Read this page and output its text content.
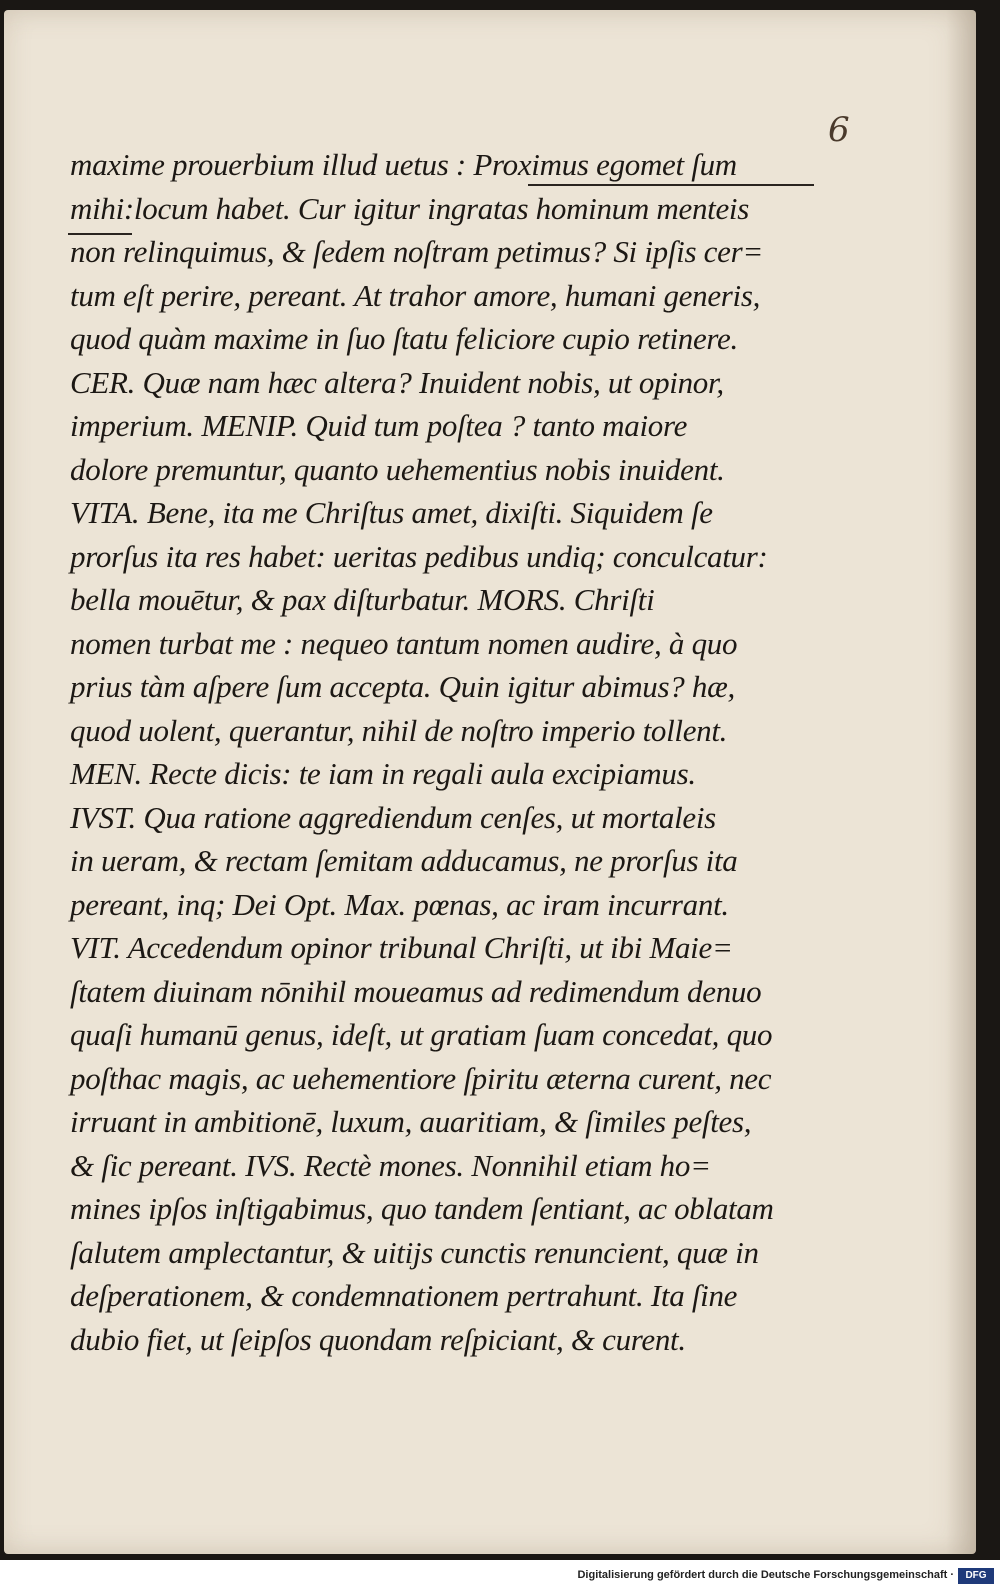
6
maxime prouerbium illud uetus : Proximus egomet ſum
mihi:locum habet. Cur igitur ingratas hominum menteis
non relinquimus, & ſedem noſtram petimus? Si ipſis cer=
tum eſt perire, pereant. At trahor amore, humani generis,
quod quàm maxime in ſuo ſtatu feliciore cupio retinere.
CER. Quæ nam hæc altera? Inuident nobis, ut opinor,
imperium. MENIP. Quid tum poſtea ? tanto maiore
dolore premuntur, quanto uehementius nobis inuident.
VITA. Bene, ita me Chriſtus amet, dixiſti. Siquidem ſe
prorſus ita res habet: ueritas pedibus undiq; conculcatur:
bella mouētur, & pax diſturbatur. MORS. Chriſti
nomen turbat me : nequeo tantum nomen audire, à quo
prius tàm aſpere ſum accepta. Quin igitur abimus? hæ,
quod uolent, querantur, nihil de noſtro imperio tollent.
MEN. Recte dicis: te iam in regali aula excipiamus.
IVST. Qua ratione aggrediendum cenſes, ut mortaleis
in ueram, & rectam ſemitam adducamus, ne prorſus ita
pereant, inq; Dei Opt. Max. pœnas, ac iram incurrant.
VIT. Accedendum opinor tribunal Chriſti, ut ibi Maie=
ſtatem diuinam nōnihil moueamus ad redimendum denuo
quaſi humanū genus, ideſt, ut gratiam ſuam concedat, quo
poſthac magis, ac uehementiore ſpiritu æterna curent, nec
irruant in ambitionē, luxum, auaritiam, & ſimiles peſtes,
& ſic pereant. IVS. Rectè mones. Nonnihil etiam ho=
mines ipſos inſtigabimus, quo tandem ſentiant, ac oblatam
ſalutem amplectantur, & uitijs cunctis renuncient, quæ in
deſperationem, & condemnationem pertrahunt. Ita ſine
dubio fiet, ut ſeipſos quondam reſpiciant, & curent.
Digitalisierung gefördert durch die Deutsche Forschungsgemeinschaft ·	DFG
